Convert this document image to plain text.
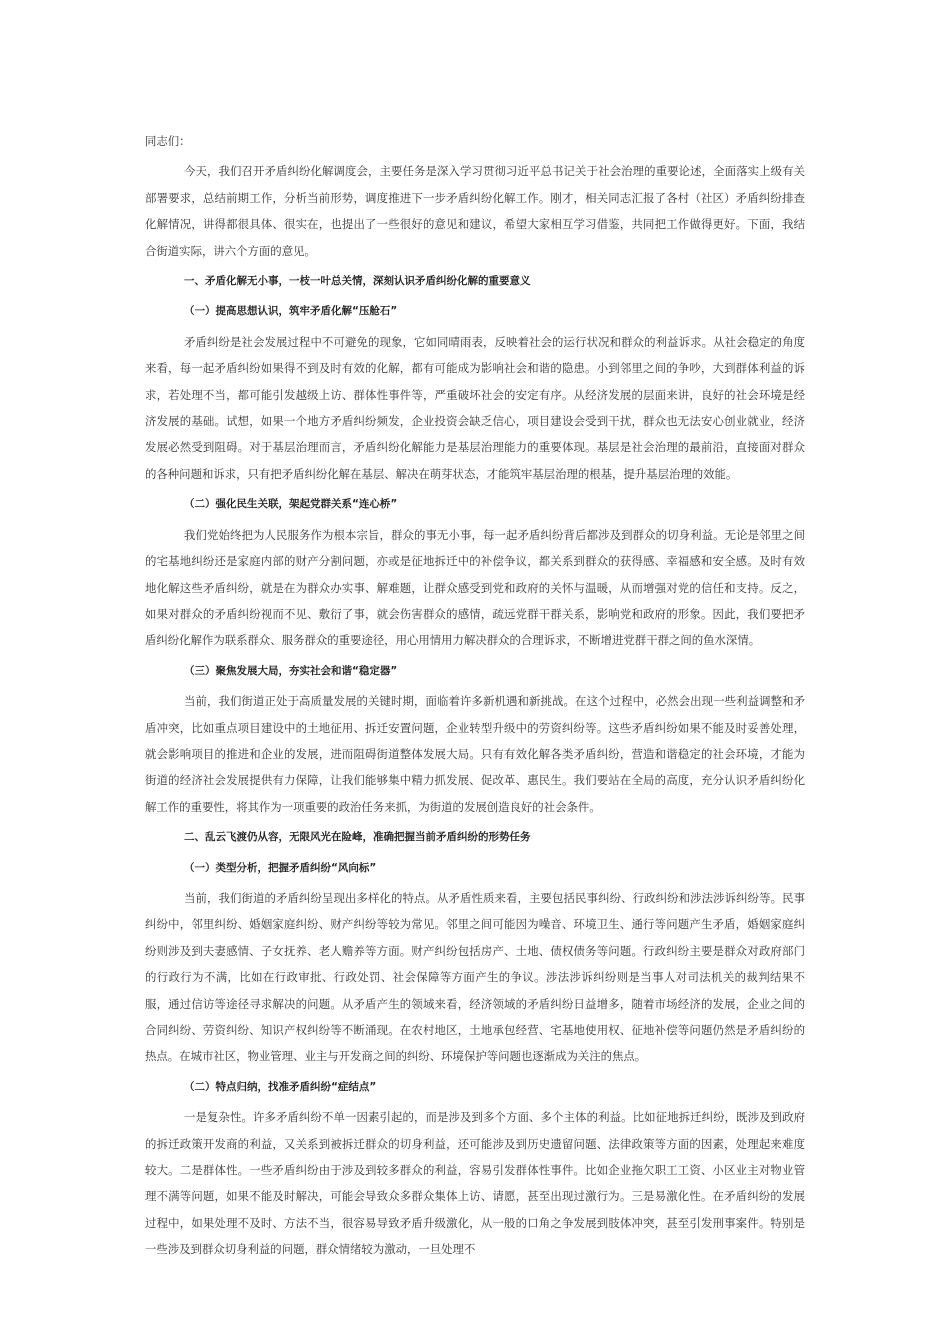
同志们：

今天，我们召开矛盾纠纷化解调度会，主要任务是深入学习贯彻习近平总书记关于社会治理的重要论述，全面落实上级有关部署要求，总结前期工作，分析当前形势，调度推进下一步矛盾纠纷化解工作。刚才，相关同志汇报了各村（社区）矛盾纠纷排查化解情况，讲得都很具体、很实在，也提出了一些很好的意见和建议，希望大家相互学习借鉴，共同把工作做得更好。下面，我结合街道实际，讲六个方面的意见。

一、矛盾化解无小事，一枝一叶总关情，深刻认识矛盾纠纷化解的重要意义

（一）提高思想认识，筑牢矛盾化解“压舱石”

矛盾纠纷是社会发展过程中不可避免的现象，它如同晴雨表，反映着社会的运行状况和群众的利益诉求。从社会稳定的角度来看，每一起矛盾纠纷如果得不到及时有效的化解，都有可能成为影响社会和谐的隐患。小到邻里之间的争吵，大到群体利益的诉求，若处理不当，都可能引发越级上访、群体性事件等，严重破坏社会的安定有序。从经济发展的层面来讲，良好的社会环境是经济发展的基础。试想，如果一个地方矛盾纠纷频发，企业投资会缺乏信心，项目建设会受到干扰，群众也无法安心创业就业，经济发展必然受到阻碍。对于基层治理而言，矛盾纠纷化解能力是基层治理能力的重要体现。基层是社会治理的最前沿，直接面对群众的各种问题和诉求，只有把矛盾纠纷化解在基层、解决在萌芽状态，才能筑牢基层治理的根基，提升基层治理的效能。

（二）强化民生关联，架起党群关系“连心桥”

我们党始终把为人民服务作为根本宗旨，群众的事无小事，每一起矛盾纠纷背后都涉及到群众的切身利益。无论是邻里之间的宅基地纠纷还是家庭内部的财产分割问题，亦或是征地拆迁中的补偿争议，都关系到群众的获得感、幸福感和安全感。及时有效地化解这些矛盾纠纷，就是在为群众办实事、解难题，让群众感受到党和政府的关怀与温暖，从而增强对党的信任和支持。反之，如果对群众的矛盾纠纷视而不见、敷衍了事，就会伤害群众的感情，疏远党群干群关系，影响党和政府的形象。因此，我们要把矛盾纠纷化解作为联系群众、服务群众的重要途径，用心用情用力解决群众的合理诉求，不断增进党群干群之间的鱼水深情。

（三）聚焦发展大局，夯实社会和谐“稳定器”

当前，我们街道正处于高质量发展的关键时期，面临着许多新机遇和新挑战。在这个过程中，必然会出现一些利益调整和矛盾冲突，比如重点项目建设中的土地征用、拆迁安置问题，企业转型升级中的劳资纠纷等。这些矛盾纠纷如果不能及时妥善处理，就会影响项目的推进和企业的发展，进而阻碍街道整体发展大局。只有有效化解各类矛盾纠纷，营造和谐稳定的社会环境，才能为街道的经济社会发展提供有力保障，让我们能够集中精力抓发展、促改革、惠民生。我们要站在全局的高度，充分认识矛盾纠纷化解工作的重要性，将其作为一项重要的政治任务来抓，为街道的发展创造良好的社会条件。

二、乱云飞渡仍从容，无限风光在险峰，准确把握当前矛盾纠纷的形势任务

（一）类型分析，把握矛盾纠纷“风向标”

当前，我们街道的矛盾纠纷呈现出多样化的特点。从矛盾性质来看，主要包括民事纠纷、行政纠纷和涉法涉诉纠纷等。民事纠纷中，邻里纠纷、婚姻家庭纠纷、财产纠纷等较为常见。邻里之间可能因为噪音、环境卫生、通行等问题产生矛盾，婚姻家庭纠纷则涉及到夫妻感情、子女抚养、老人赡养等方面。财产纠纷包括房产、土地、债权债务等问题。行政纠纷主要是群众对政府部门的行政行为不满，比如在行政审批、行政处罚、社会保障等方面产生的争议。涉法涉诉纠纷则是当事人对司法机关的裁判结果不服，通过信访等途径寻求解决的问题。从矛盾产生的领域来看，经济领域的矛盾纠纷日益增多，随着市场经济的发展，企业之间的合同纠纷、劳资纠纷、知识产权纠纷等不断涌现。在农村地区，土地承包经营、宅基地使用权、征地补偿等问题仍然是矛盾纠纷的热点。在城市社区，物业管理、业主与开发商之间的纠纷、环境保护等问题也逐渐成为关注的焦点。

（二）特点归纳，找准矛盾纠纷“症结点”

一是复杂性。许多矛盾纠纷不单一因素引起的，而是涉及到多个方面、多个主体的利益。比如征地拆迁纠纷，既涉及到政府的拆迁政策开发商的利益，又关系到被拆迁群众的切身利益，还可能涉及到历史遗留问题、法律政策等方面的因素，处理起来难度较大。二是群体性。一些矛盾纠纷由于涉及到较多群众的利益，容易引发群体性事件。比如企业拖欠职工工资、小区业主对物业管理不满等问题，如果不能及时解决，可能会导致众多群众集体上访、请愿，甚至出现过激行为。三是易激化性。在矛盾纠纷的发展过程中，如果处理不及时、方法不当，很容易导致矛盾升级激化，从一般的口角之争发展到肢体冲突，甚至引发刑事案件。特别是一些涉及到群众切身利益的问题，群众情绪较为激动，一旦处理不
